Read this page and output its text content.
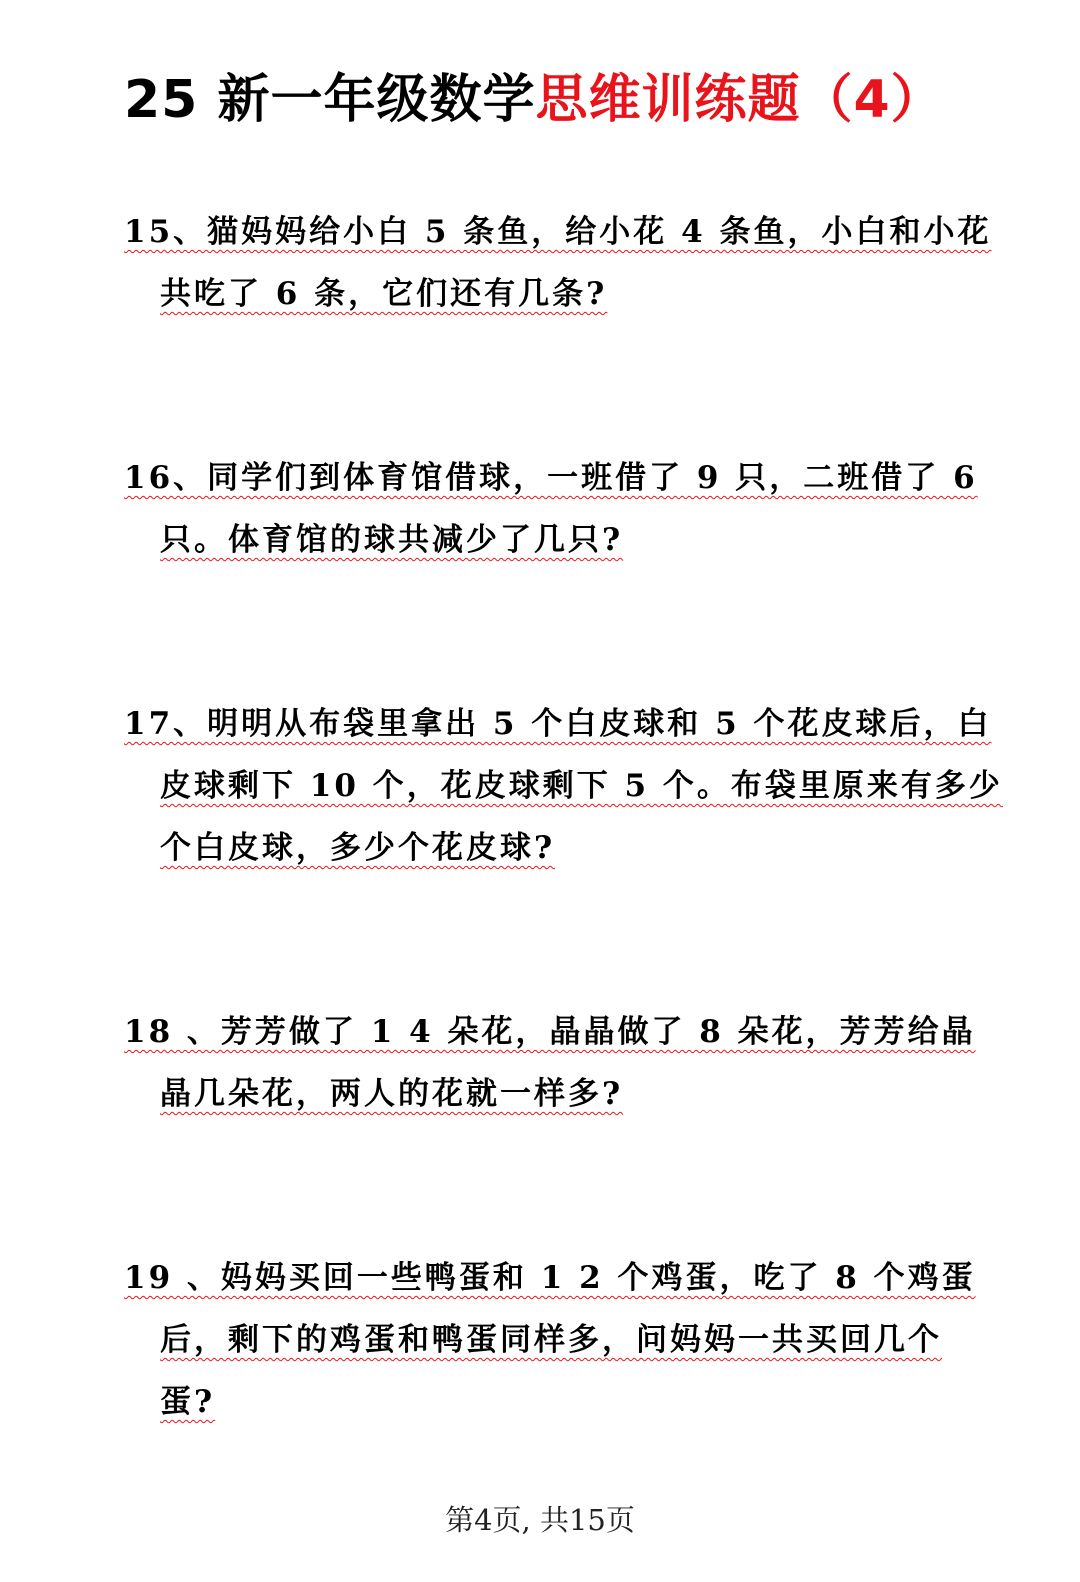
25 新一年级数学思维训练题（4）
15、猫妈妈给小白 5 条鱼，给小花 4 条鱼，小白和小花
共吃了 6 条，它们还有几条?
16、同学们到体育馆借球，一班借了 9 只，二班借了 6
只。体育馆的球共减少了几只?
17、明明从布袋里拿出 5 个白皮球和 5 个花皮球后，白
皮球剩下 10 个，花皮球剩下 5 个。布袋里原来有多少
个白皮球，多少个花皮球?
18 、芳芳做了 1 4 朵花，晶晶做了 8 朵花，芳芳给晶
晶几朵花，两人的花就一样多?
19 、妈妈买回一些鸭蛋和 1 2 个鸡蛋，吃了 8 个鸡蛋
后，剩下的鸡蛋和鸭蛋同样多，问妈妈一共买回几个
蛋?
第4页, 共15页
